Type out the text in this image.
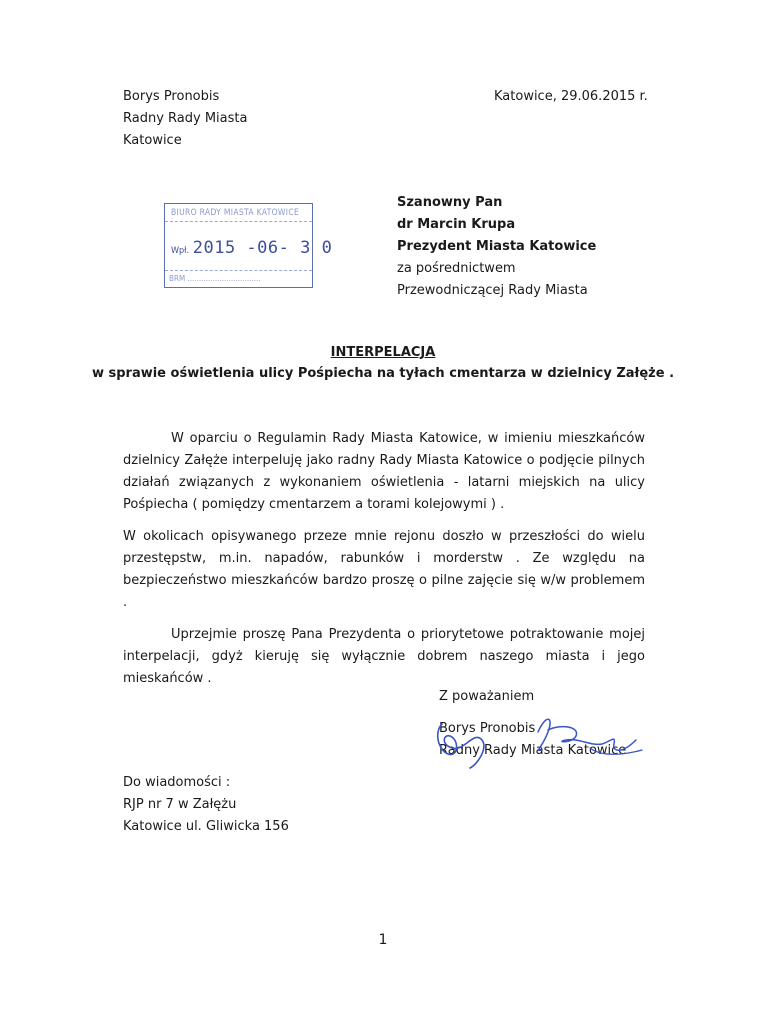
Borys Pronobis
Radny Rady Miasta
Katowice
Katowice, 29.06.2015 r.
BIURO RADY MIASTA KATOWICE
Wpł. 2015 -06- 3 0
BRM ................................
Szanowny Pan
dr Marcin Krupa
Prezydent Miasta Katowice
za pośrednictwem
Przewodniczącej Rady Miasta
INTERPELACJA
w sprawie oświetlenia ulicy Pośpiecha na tyłach cmentarza w dzielnicy Załęże .

W oparciu o Regulamin Rady Miasta Katowice, w imieniu mieszkańców dzielnicy Załęże interpeluję jako radny Rady Miasta Katowice o podjęcie pilnych działań związanych z wykonaniem oświetlenia - latarni miejskich na ulicy Pośpiecha ( pomiędzy cmentarzem a torami kolejowymi ) .

W okolicach opisywanego przeze mnie rejonu doszło w przeszłości do wielu przestępstw, m.in. napadów, rabunków i morderstw . Ze względu na bezpieczeństwo mieszkańców bardzo proszę o pilne zajęcie się w/w problemem .

Uprzejmie proszę Pana Prezydenta o priorytetowe potraktowanie mojej interpelacji, gdyż kieruję się wyłącznie dobrem naszego miasta i jego mieskańców .

Z poważaniem
Borys Pronobis
Radny Rady Miasta Katowice
Do wiadomości :
RJP nr 7 w Załężu
Katowice ul. Gliwicka 156
1
